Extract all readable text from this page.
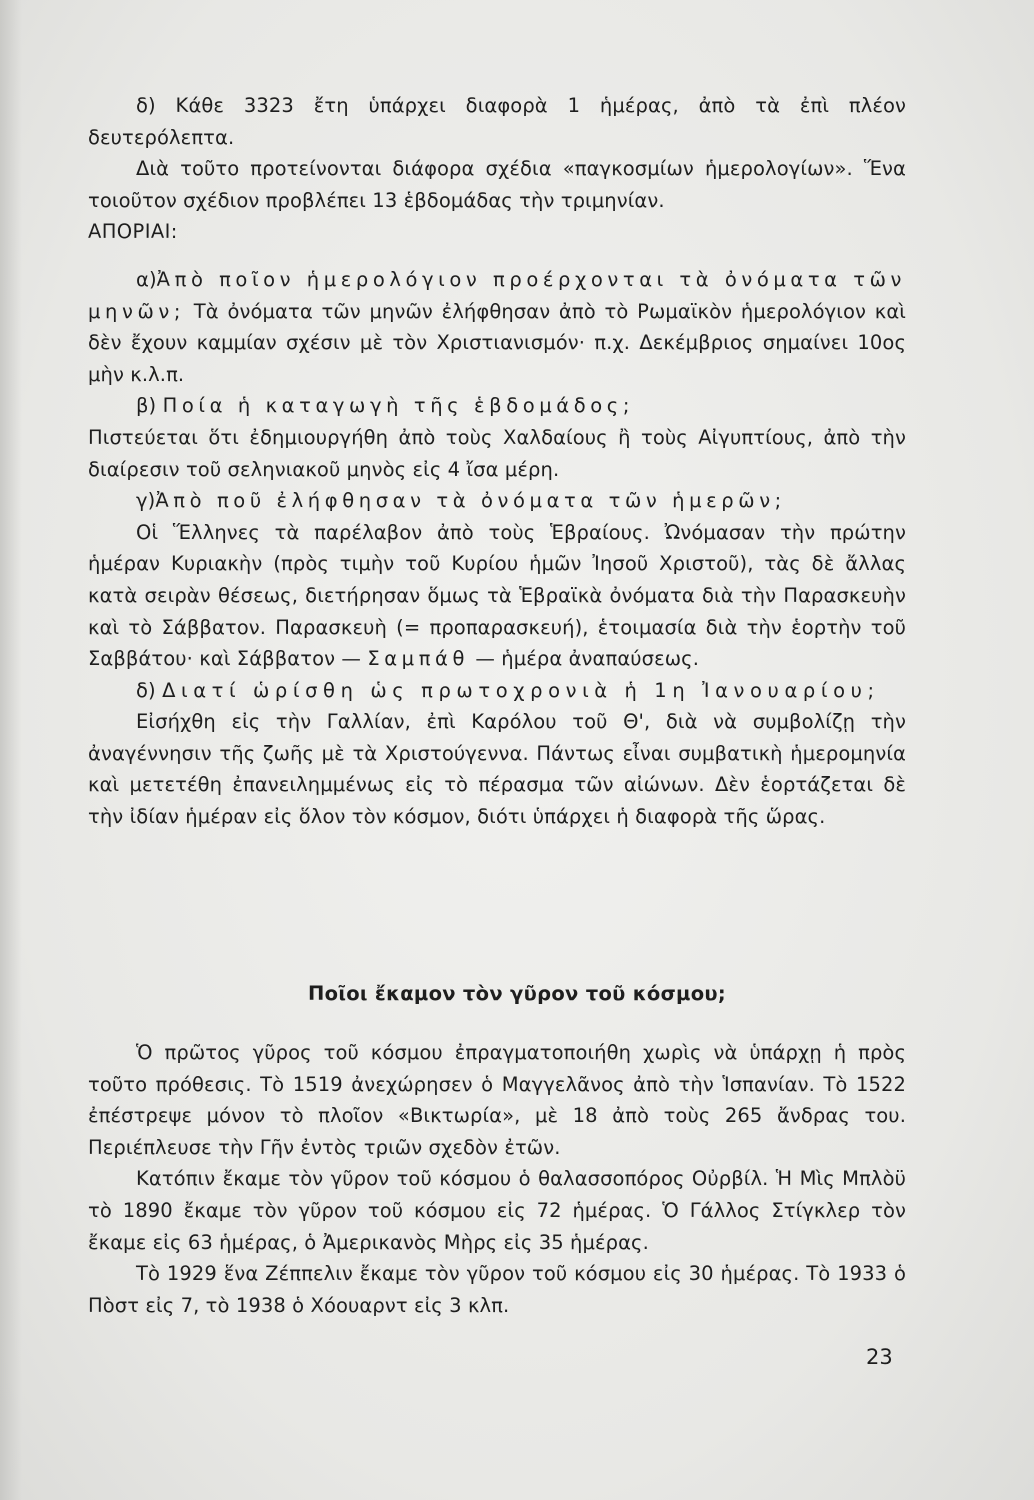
δ) Κάθε 3323 ἔτη ὑπάρχει διαφορὰ 1 ἡμέρας, ἀπὸ τὰ ἐπὶ πλέον δευτερόλεπτα.

Διὰ τοῦτο προτείνονται διάφορα σχέδια «παγκοσμίων ἡμερολογίων». Ἕνα τοιοῦτον σχέδιον προβλέπει 13 ἑβδομάδας τὴν τριμηνίαν.

ΑΠΟΡΙΑΙ:

α)Ἀπὸ ποῖον ἡμερολόγιον προέρχονται τὰ ὀνόματα τῶν μηνῶν; Τὰ ὀνόματα τῶν μηνῶν ἐλήφθησαν ἀπὸ τὸ Ρωμαϊκὸν ἡμερολόγιον καὶ δὲν ἔχουν καμμίαν σχέσιν μὲ τὸν Χριστιανισμόν· π.χ. Δεκέμβριος σημαίνει 10ος μὴν κ.λ.π.

β) Ποία ἡ καταγωγὴ τῆς ἑβδομάδος;

Πιστεύεται ὅτι ἐδημιουργήθη ἀπὸ τοὺς Χαλδαίους ἢ τοὺς Αἰγυπτίους, ἀπὸ τὴν διαίρεσιν τοῦ σεληνιακοῦ μηνὸς εἰς 4 ἴσα μέρη.

γ)Ἀπὸ ποῦ ἐλήφθησαν τὰ ὀνόματα τῶν ἡμερῶν;

Οἱ Ἕλληνες τὰ παρέλαβον ἀπὸ τοὺς Ἑβραίους. Ὠνόμασαν τὴν πρώτην ἡμέραν Κυριακὴν (πρὸς τιμὴν τοῦ Κυρίου ἡμῶν Ἰησοῦ Χριστοῦ), τὰς δὲ ἄλλας κατὰ σειρὰν θέσεως, διετήρησαν ὅμως τὰ Ἑβραϊκὰ ὀνόματα διὰ τὴν Παρασκευὴν καὶ τὸ Σάββατον. Παρασκευὴ (= προπαρασκευή), ἑτοιμασία διὰ τὴν ἑορτὴν τοῦ Σαββάτου· καὶ Σάββατον — Σαμπάθ — ἡμέρα ἀναπαύσεως.

δ) Διατί ὡρίσθη ὡς πρωτοχρονιὰ ἡ 1η Ἰανουαρίου;

Εἰσήχθη εἰς τὴν Γαλλίαν, ἐπὶ Καρόλου τοῦ Θ', διὰ νὰ συμβολίζῃ τὴν ἀναγέννησιν τῆς ζωῆς μὲ τὰ Χριστούγεννα. Πάντως εἶναι συμβατικὴ ἡμερομηνία καὶ μετετέθη ἐπανειλημμένως εἰς τὸ πέρασμα τῶν αἰώνων. Δὲν ἑορτάζεται δὲ τὴν ἰδίαν ἡμέραν εἰς ὅλον τὸν κόσμον, διότι ὑπάρχει ἡ διαφορὰ τῆς ὥρας.

Ποῖοι ἔκαμον τὸν γῦρον τοῦ κόσμου;

Ὁ πρῶτος γῦρος τοῦ κόσμου ἐπραγματοποιήθη χωρὶς νὰ ὑπάρχῃ ἡ πρὸς τοῦτο πρόθεσις. Τὸ 1519 ἀνεχώρησεν ὁ Μαγγελᾶνος ἀπὸ τὴν Ἱσπανίαν. Τὸ 1522 ἐπέστρεψε μόνον τὸ πλοῖον «Βικτωρία», μὲ 18 ἀπὸ τοὺς 265 ἄνδρας του. Περιέπλευσε τὴν Γῆν ἐντὸς τριῶν σχεδὸν ἐτῶν.

Κατόπιν ἔκαμε τὸν γῦρον τοῦ κόσμου ὁ θαλασσοπόρος Οὐρβίλ. Ἡ Μὶς Μπλὸϋ τὸ 1890 ἔκαμε τὸν γῦρον τοῦ κόσμου εἰς 72 ἡμέρας. Ὁ Γάλλος Στίγκλερ τὸν ἔκαμε εἰς 63 ἡμέρας, ὁ Ἀμερικανὸς Μὴρς εἰς 35 ἡμέρας.

Τὸ 1929 ἕνα Ζέππελιν ἔκαμε τὸν γῦρον τοῦ κόσμου εἰς 30 ἡμέρας. Τὸ 1933 ὁ Πὸστ εἰς 7, τὸ 1938 ὁ Χόουαρντ εἰς 3 κλπ.

23
